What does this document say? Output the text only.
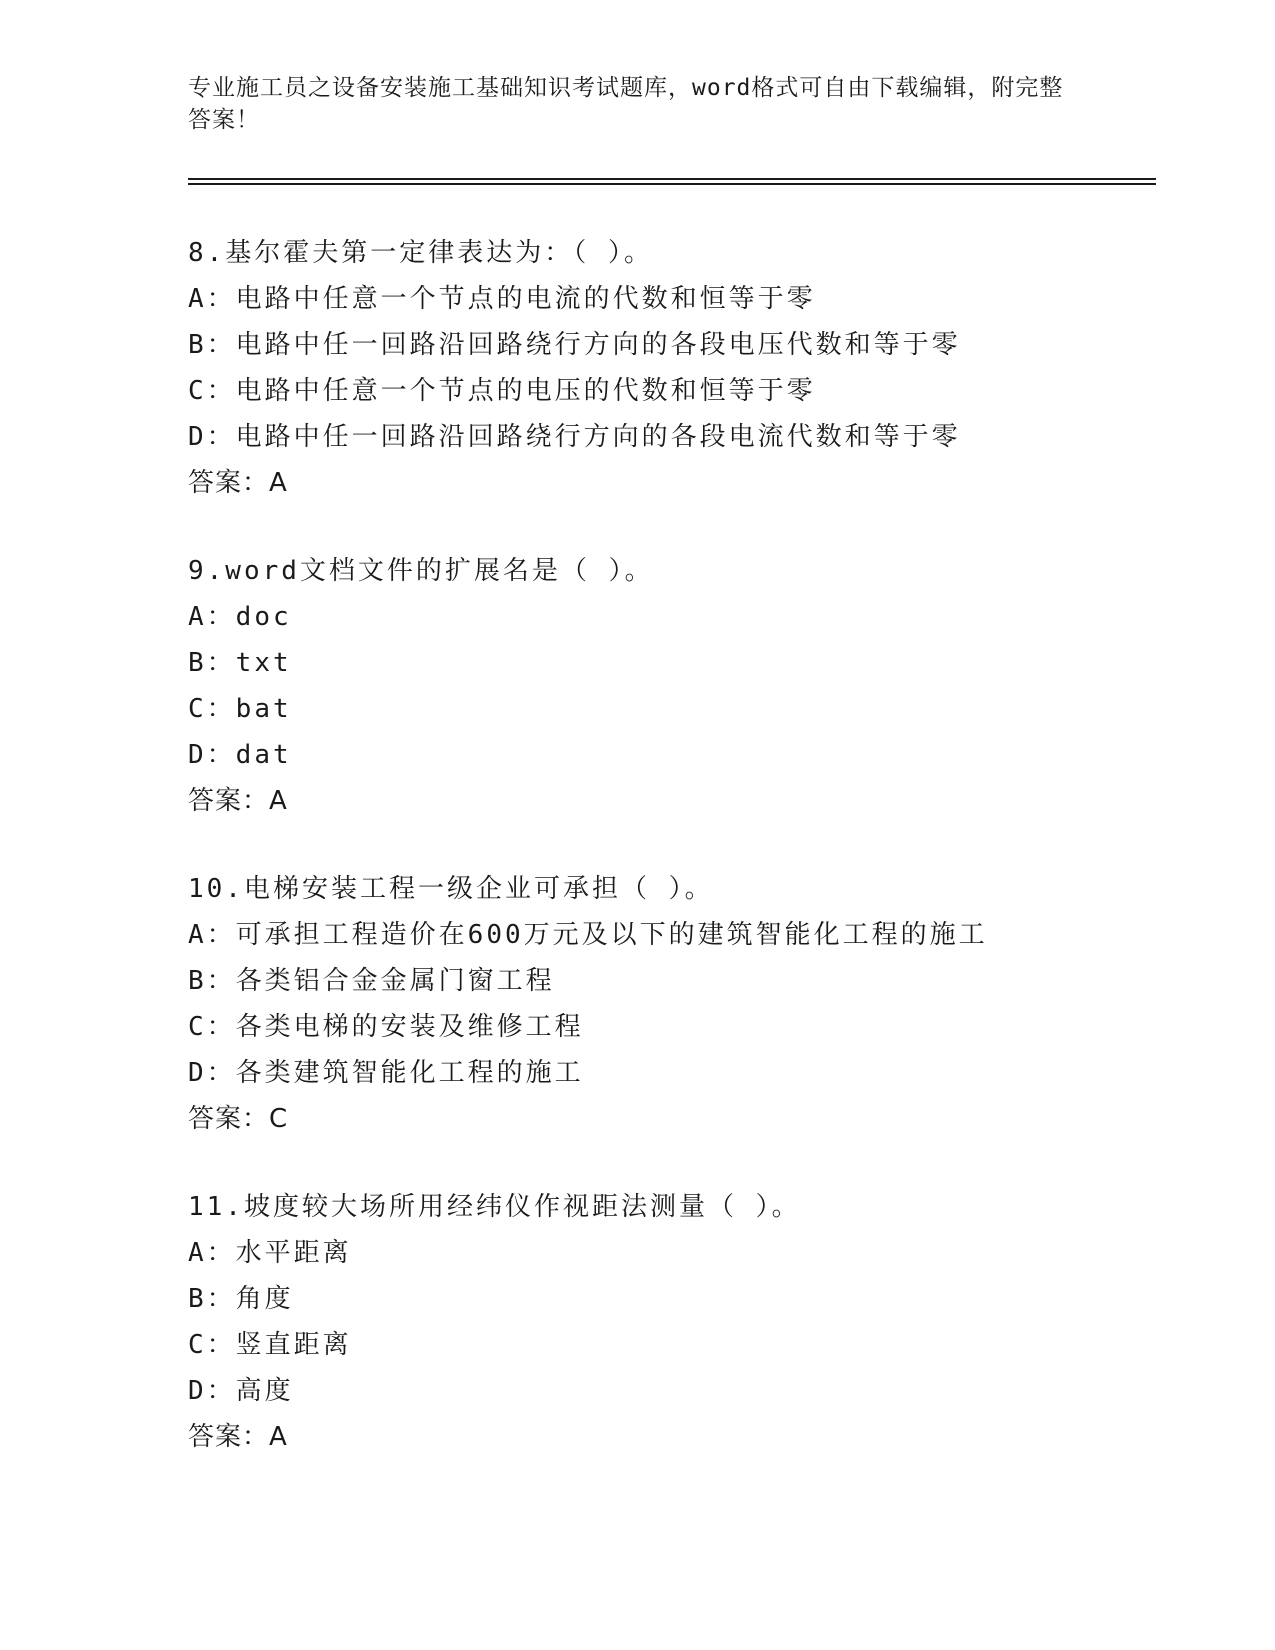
专业施工员之设备安装施工基础知识考试题库，word格式可自由下载编辑，附完整答案！
8.基尔霍夫第一定律表达为：（ ）。
A：电路中任意一个节点的电流的代数和恒等于零
B：电路中任一回路沿回路绕行方向的各段电压代数和等于零
C：电路中任意一个节点的电压的代数和恒等于零
D：电路中任一回路沿回路绕行方向的各段电流代数和等于零
答案：A
9.word文档文件的扩展名是（ ）。
A：doc
B：txt
C：bat
D：dat
答案：A
10.电梯安装工程一级企业可承担（ ）。
A：可承担工程造价在600万元及以下的建筑智能化工程的施工
B：各类铝合金金属门窗工程
C：各类电梯的安装及维修工程
D：各类建筑智能化工程的施工
答案：C
11.坡度较大场所用经纬仪作视距法测量（ ）。
A：水平距离
B：角度
C：竖直距离
D：高度
答案：A
